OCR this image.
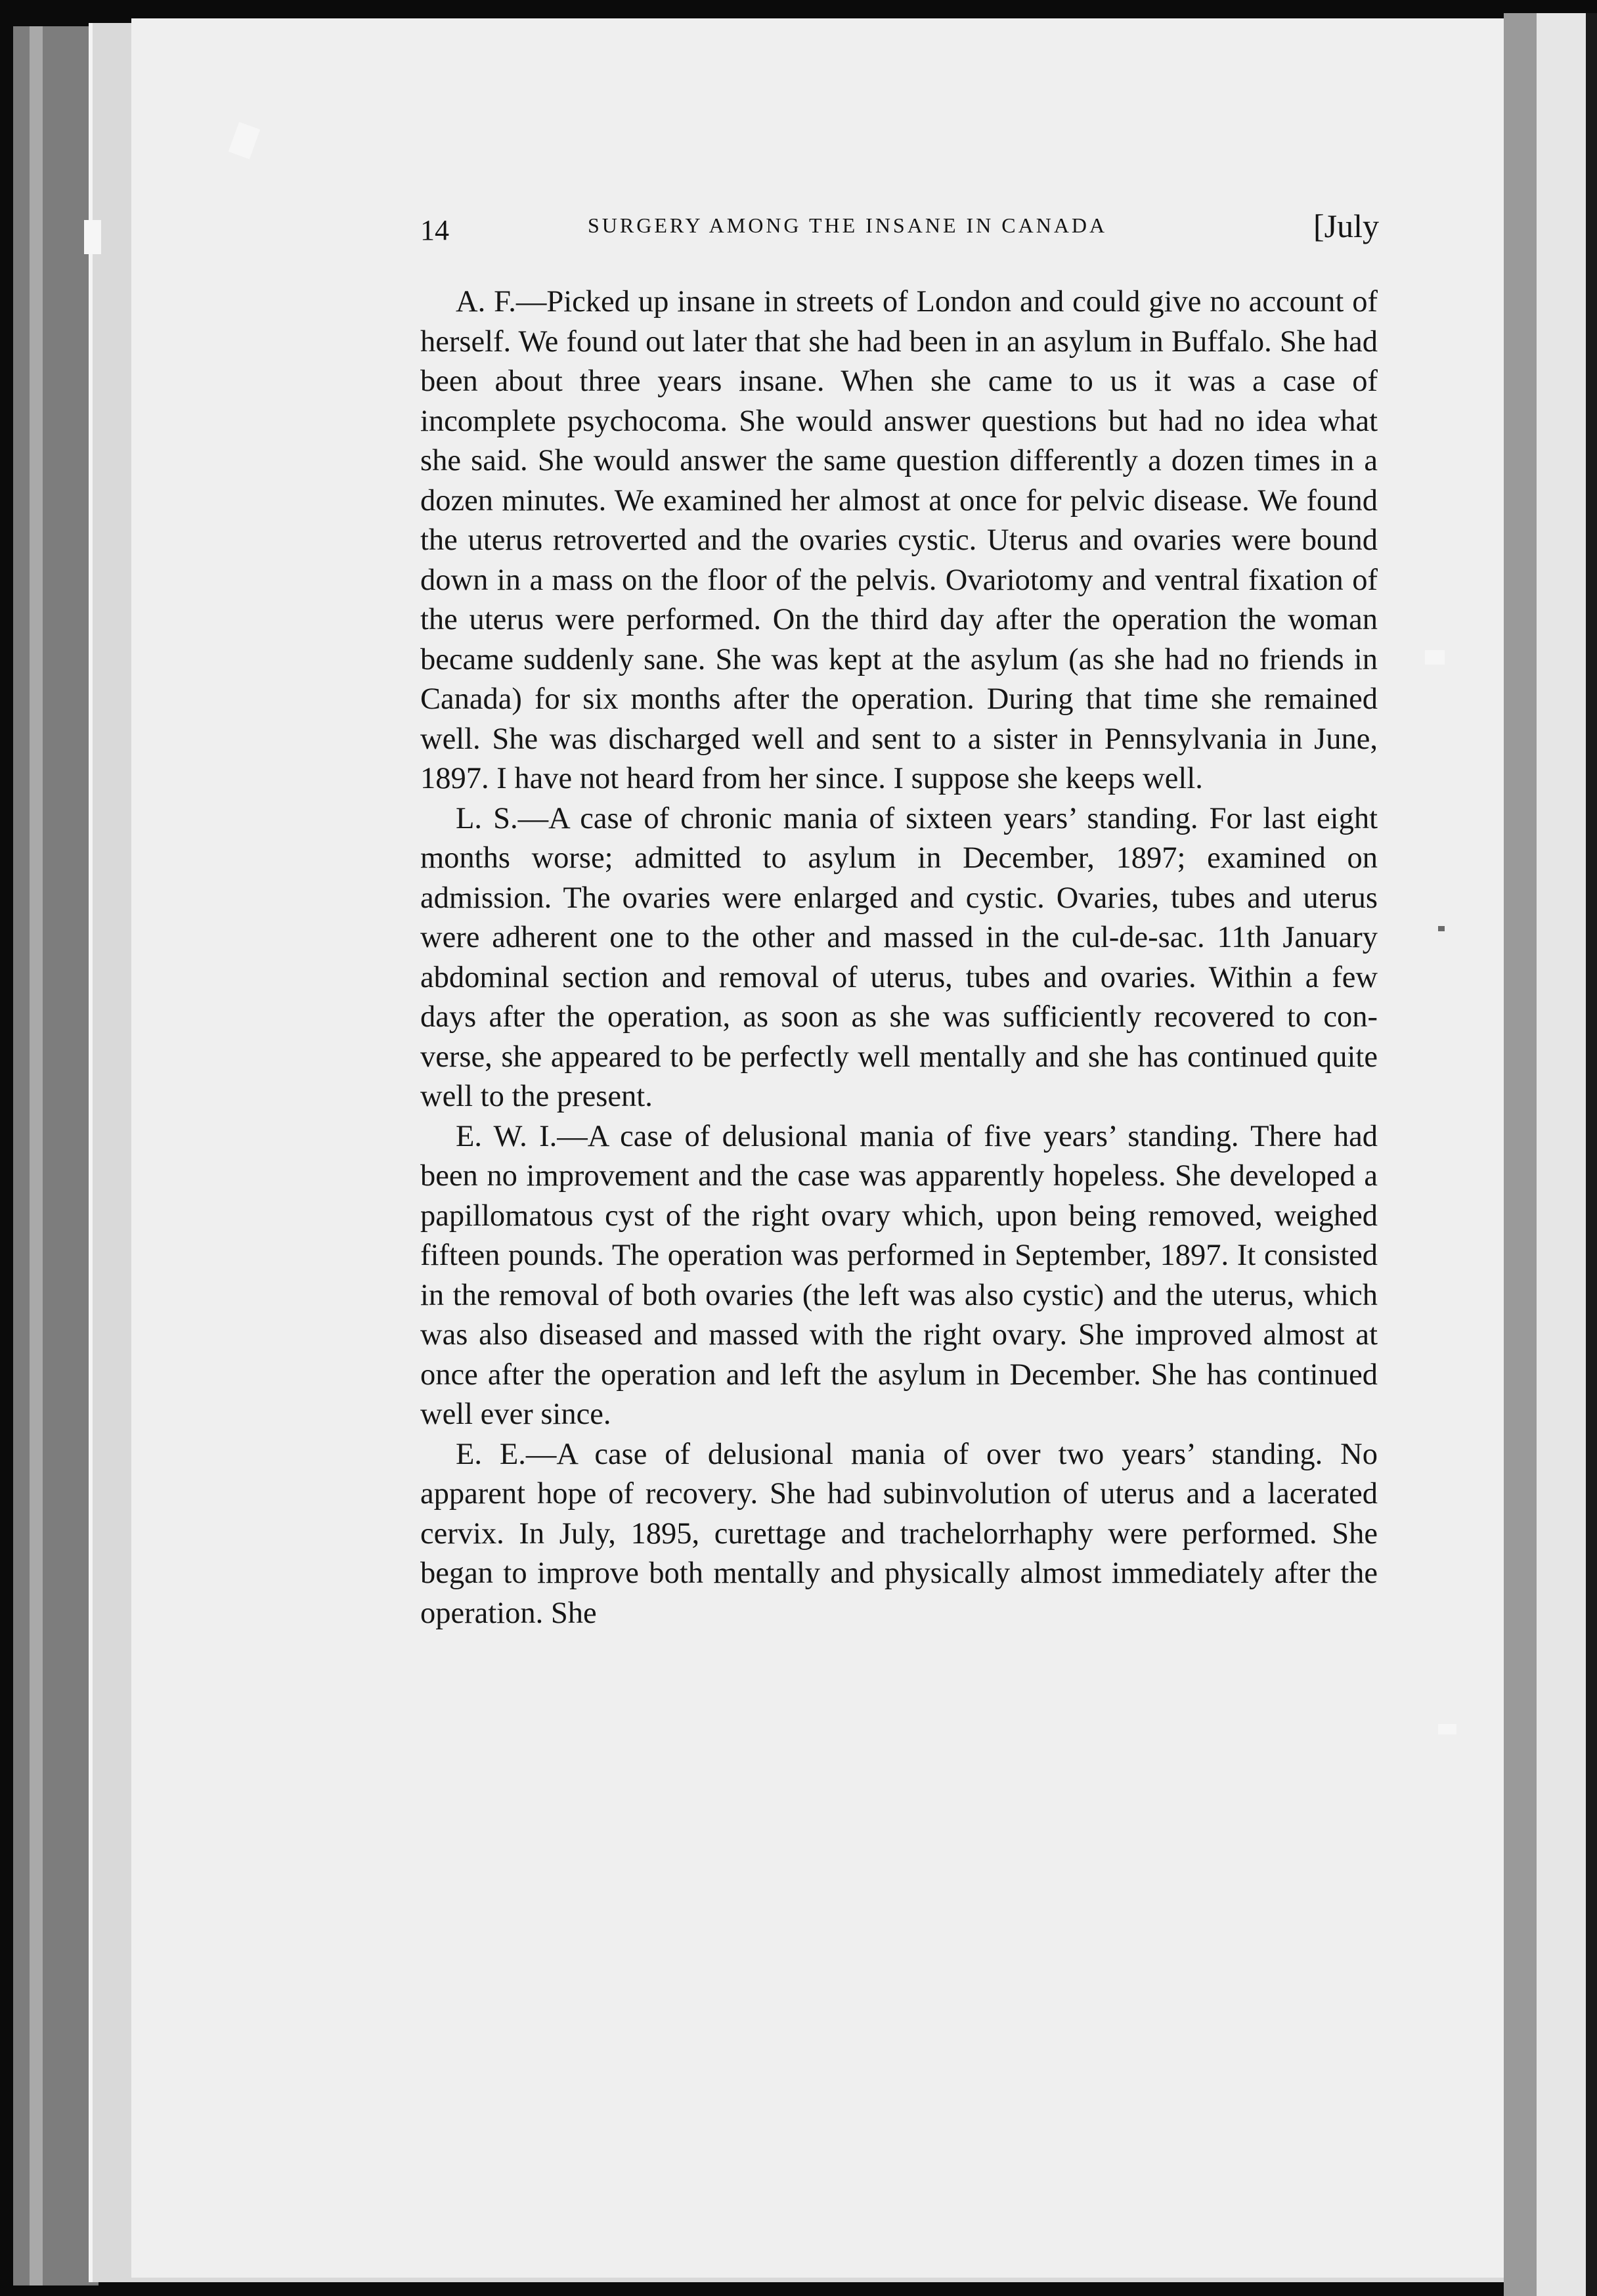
14	SURGERY AMONG THE INSANE IN CANADA	[July

A. F.—Picked up insane in streets of London and could give no account of herself. We found out later that she had been in an asylum in Buffalo. She had been about three years insane. When she came to us it was a case of incomplete psychocoma. She would answer questions but had no idea what she said. She would answer the same question differently a dozen times in a dozen minutes. We examined her almost at once for pelvic disease. We found the uterus retroverted and the ovaries cystic. Uterus and ovaries were bound down in a mass on the floor of the pelvis. Ovariotomy and ventral fixation of the uterus were performed. On the third day after the operation the woman became suddenly sane. She was kept at the asylum (as she had no friends in Canada) for six months after the operation. During that time she remained well. She was discharged well and sent to a sister in Pennsylvania in June, 1897. I have not heard from her since. I suppose she keeps well.

L. S.—A case of chronic mania of sixteen years’ standing. For last eight months worse; admitted to asylum in December, 1897; examined on admission. The ovaries were enlarged and cystic. Ovaries, tubes and uterus were adherent one to the other and massed in the cul-de-sac. 11th January abdominal section and removal of uterus, tubes and ovaries. Within a few days after the operation, as soon as she was sufficiently recovered to converse, she appeared to be perfectly well mentally and she has continued quite well to the present.

E. W. I.—A case of delusional mania of five years’ standing. There had been no improvement and the case was apparently hopeless. She developed a papillomatous cyst of the right ovary which, upon being removed, weighed fifteen pounds. The operation was performed in September, 1897. It consisted in the removal of both ovaries (the left was also cystic) and the uterus, which was also diseased and massed with the right ovary. She improved almost at once after the operation and left the asylum in December. She has continued well ever since.

E. E.—A case of delusional mania of over two years’ standing. No apparent hope of recovery. She had subinvolution of uterus and a lacerated cervix. In July, 1895, curettage and trachelorrhaphy were performed. She began to improve both mentally and physically almost immediately after the operation. She
